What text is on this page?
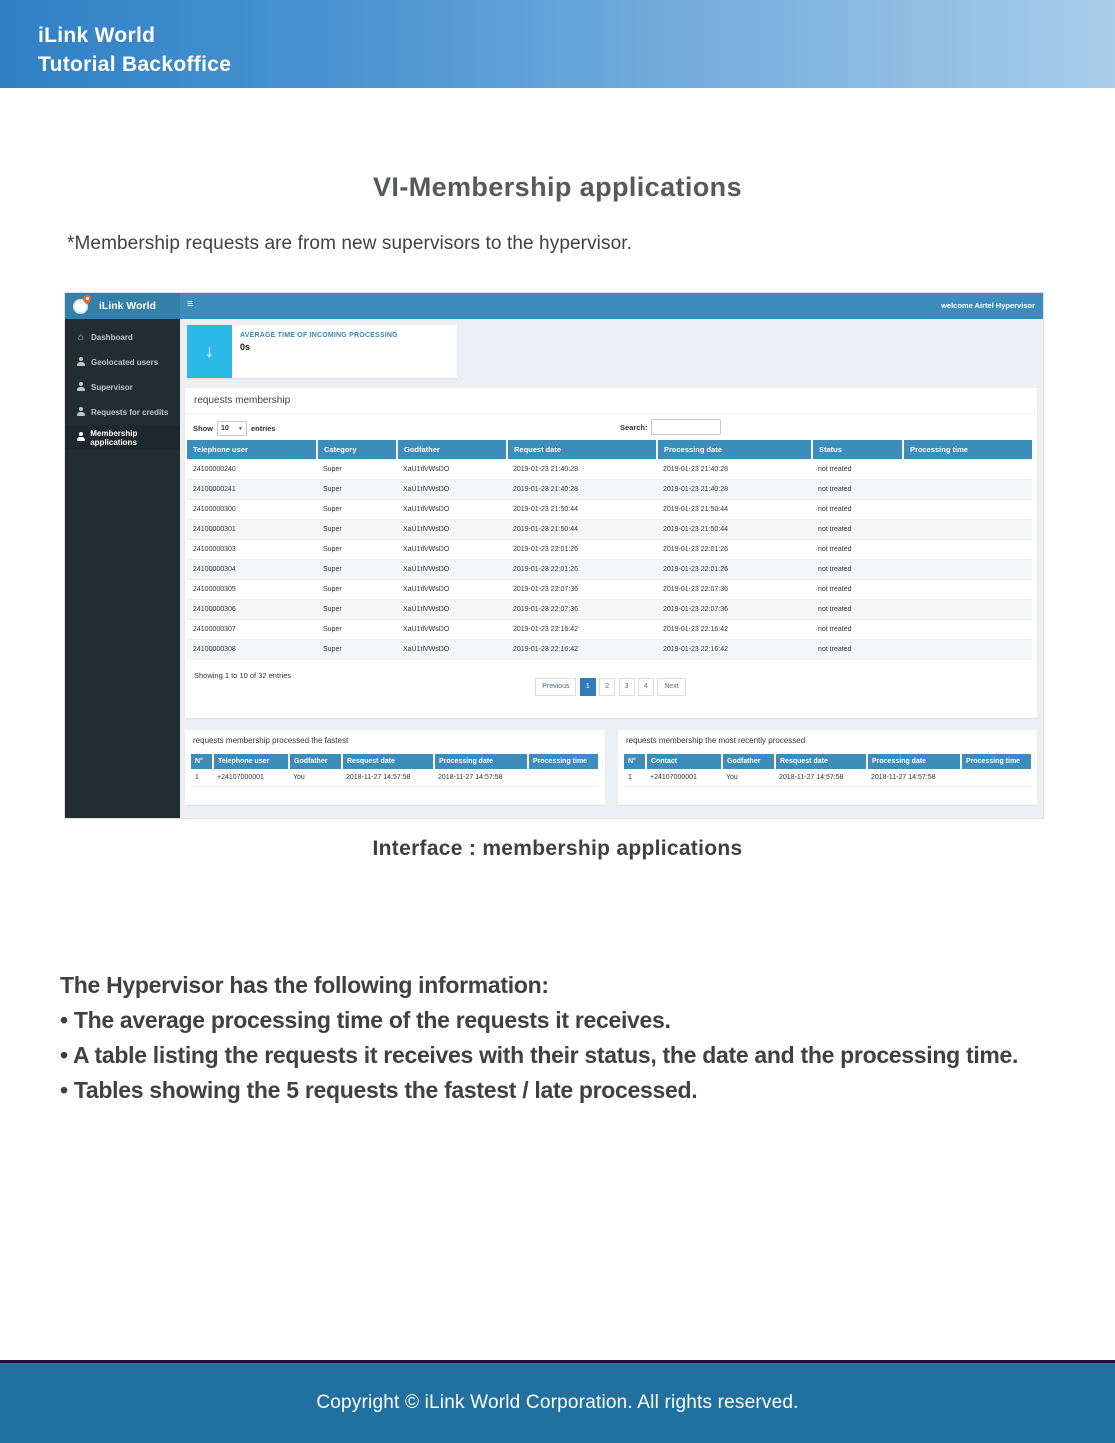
iLink World
Tutorial Backoffice
VI-Membership applications
*Membership requests are from new supervisors to the hypervisor.
iLink World	≡	welcome Airtel Hypervisor
⌂ Dashboard
Geolocated users
Supervisor
Requests for credits
Membership applications
↓
AVERAGE TIME OF INCOMING PROCESSING
0s
requests membership
Show 10 ▼ entries	Search:
Telephone user	Category	Godfather	Request date	Processing date	Status	Processing time
24100000240	Super	XaU1tlVWsDO	2019-01-23 21:40:28	2019-01-23 21:40:28	not treated	
24100000241	Super	XaU1tlVWsDO	2019-01-23 21:40:28	2019-01-23 21:40:28	not treated	
24100000300	Super	XaU1tlVWsDO	2019-01-23 21:50:44	2019-01-23 21:50:44	not treated	
24100000301	Super	XaU1tlVWsDO	2019-01-23 21:50:44	2019-01-23 21:50:44	not treated	
24100000303	Super	XaU1tlVWsDO	2019-01-23 22:01:26	2019-01-23 22:01:26	not treated	
24100000304	Super	XaU1tlVWsDO	2019-01-23 22:01:26	2019-01-23 22:01:26	not treated	
24100000305	Super	XaU1tlVWsDO	2019-01-23 22:07:36	2019-01-23 22:07:36	not treated	
24100000306	Super	XaU1tlVWsDO	2019-01-23 22:07:36	2019-01-23 22:07:36	not treated	
24100000307	Super	XaU1tlVWsDO	2019-01-23 22:16:42	2019-01-23 22:16:42	not treated	
24100000308	Super	XaU1tlVWsDO	2019-01-23 22:16:42	2019-01-23 22:16:42	not treated	
Showing 1 to 10 of 32 entries
Previous 1 2 3 4 Next
requests membership processed the fastest
N°	Telephone user	Godfather	Resquest date	Processing date	Processing time
1	+24107000001	You	2018-11-27 14:57:58	2018-11-27 14:57:58	
requests membership the most recently processed
N°	Contact	Godfather	Resquest date	Processing date	Processing time
1	+24107000001	You	2018-11-27 14:57:58	2018-11-27 14:57:58	
Interface : membership applications
The Hypervisor has the following information:
• The average processing time of the requests it receives.
• A table listing the requests it receives with their status, the date and the processing time.
• Tables showing the 5 requests the fastest / late processed.
Copyright © iLink World Corporation. All rights reserved.
